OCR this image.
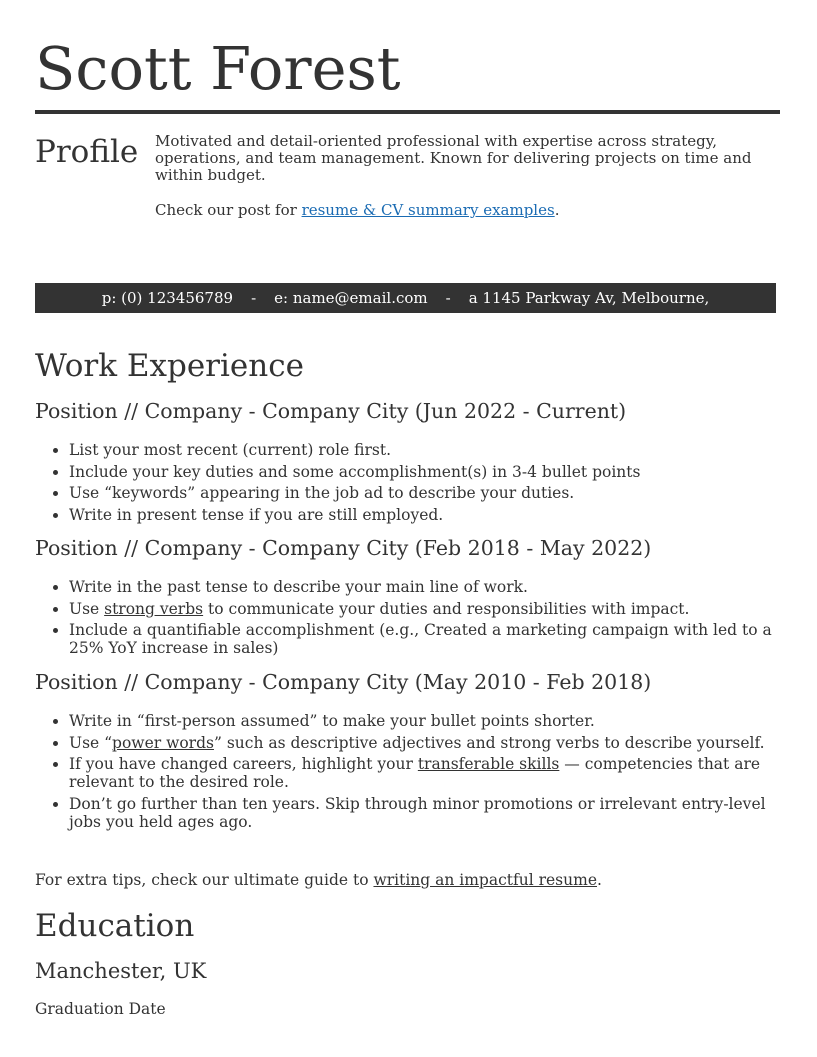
Scott Forest
Profile Motivated and detail-oriented professional with expertise across strategy, operations, and team management. Known for delivering projects on time and within budget.

Check our post for resume & CV summary examples.

p: (0) 123456789 - e: name@email.com - a 1145 Parkway Av, Melbourne,
Work Experience
Position // Company - Company City (Jun 2022 - Current)
• List your most recent (current) role first.
• Include your key duties and some accomplishment(s) in 3-4 bullet points
• Use “keywords” appearing in the job ad to describe your duties.
• Write in present tense if you are still employed.
Position // Company - Company City (Feb 2018 - May 2022)
• Write in the past tense to describe your main line of work.
• Use strong verbs to communicate your duties and responsibilities with impact.
• Include a quantifiable accomplishment (e.g., Created a marketing campaign with led to a 25% YoY increase in sales)
Position // Company - Company City (May 2010 - Feb 2018)
• Write in “first-person assumed” to make your bullet points shorter.
• Use “power words” such as descriptive adjectives and strong verbs to describe yourself.
• If you have changed careers, highlight your transferable skills — competencies that are relevant to the desired role.
• Don’t go further than ten years. Skip through minor promotions or irrelevant entry-level jobs you held ages ago.
For extra tips, check our ultimate guide to writing an impactful resume.
Education
Manchester, UK
Graduation Date
